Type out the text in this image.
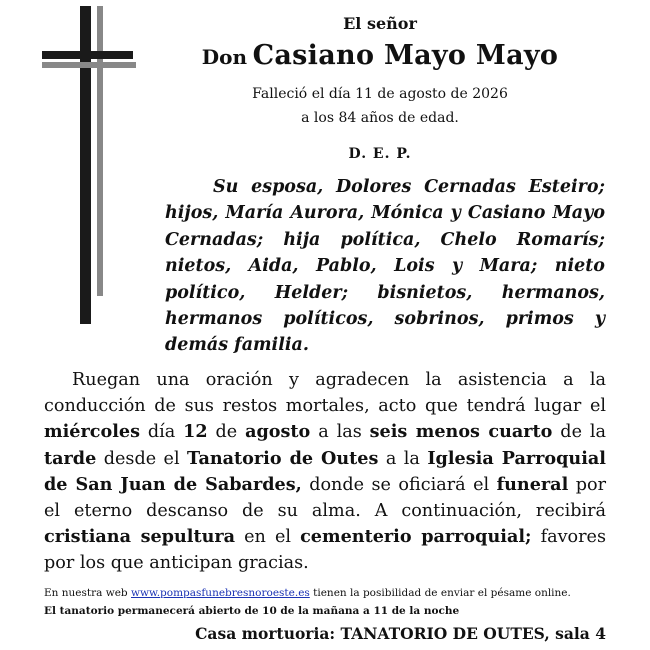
El señor
Don Casiano Mayo Mayo
Falleció el día 11 de agosto de 2026
a los 84 años de edad.
D. E. P.
Su esposa, Dolores Cernadas Esteiro; hijos, María Aurora, Mónica y Casiano Mayo Cernadas; hija política, Chelo Romarís; nietos, Aida, Pablo, Lois y Mara; nieto político, Helder; bisnietos, hermanos, hermanos políticos, sobrinos, primos y demás familia.
Ruegan una oración y agradecen la asistencia a la conducción de sus restos mortales, acto que tendrá lugar el miércoles día 12 de agosto a las seis menos cuarto de la tarde desde el Tanatorio de Outes a la Iglesia Parroquial de San Juan de Sabardes, donde se oficiará el funeral por el eterno descanso de su alma. A continuación, recibirá cristiana sepultura en el cementerio parroquial; favores por los que anticipan gracias.
En nuestra web www.pompasfunebresnoroeste.es tienen la posibilidad de enviar el pésame online.
El tanatorio permanecerá abierto de 10 de la mañana a 11 de la noche
Casa mortuoria: TANATORIO DE OUTES, sala 4
